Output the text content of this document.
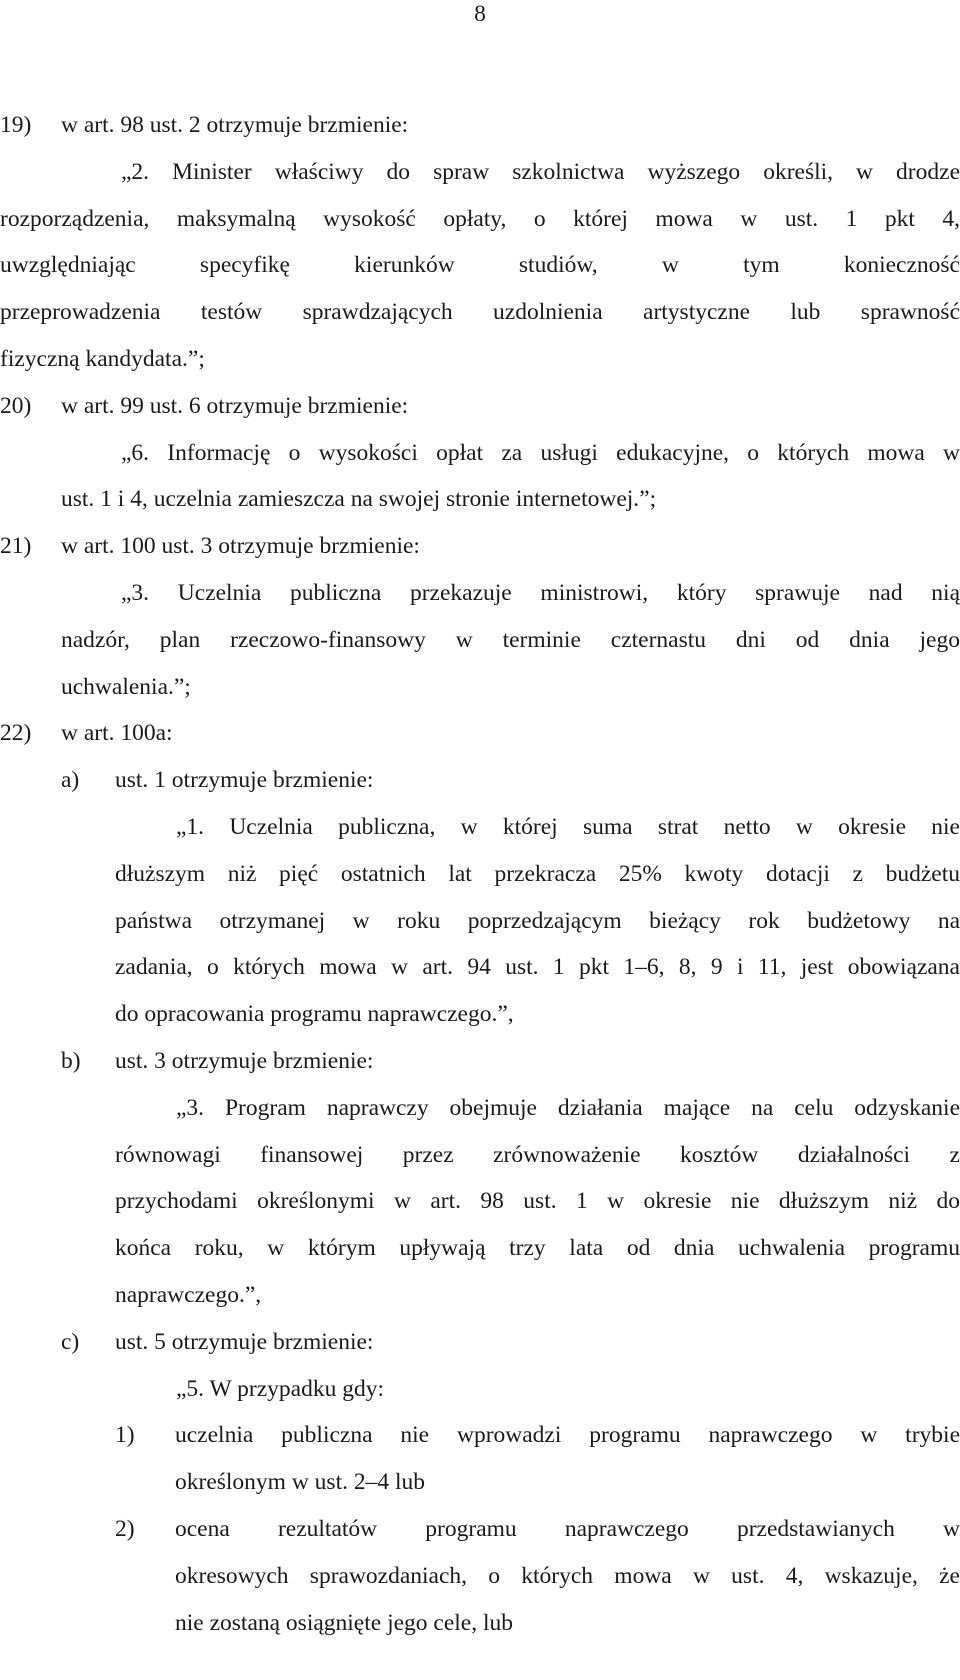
8
19) w art. 98 ust. 2 otrzymuje brzmienie:
„2. Minister właściwy do spraw szkolnictwa wyższego określi, w drodze
rozporządzenia, maksymalną wysokość opłaty, o której mowa w ust. 1 pkt 4,
uwzględniając specyfikę kierunków studiów, w tym konieczność
przeprowadzenia testów sprawdzających uzdolnienia artystyczne lub sprawność
fizyczną kandydata.”;
20) w art. 99 ust. 6 otrzymuje brzmienie:
„6. Informację o wysokości opłat za usługi edukacyjne, o których mowa w
ust. 1 i 4, uczelnia zamieszcza na swojej stronie internetowej.”;
21) w art. 100 ust. 3 otrzymuje brzmienie:
„3. Uczelnia publiczna przekazuje ministrowi, który sprawuje nad nią
nadzór, plan rzeczowo-finansowy w terminie czternastu dni od dnia jego
uchwalenia.”;
22) w art. 100a:
a) ust. 1 otrzymuje brzmienie:
„1. Uczelnia publiczna, w której suma strat netto w okresie nie
dłuższym niż pięć ostatnich lat przekracza 25% kwoty dotacji z budżetu
państwa otrzymanej w roku poprzedzającym bieżący rok budżetowy na
zadania, o których mowa w art. 94 ust. 1 pkt 1–6, 8, 9 i 11, jest obowiązana
do opracowania programu naprawczego.”,
b) ust. 3 otrzymuje brzmienie:
„3. Program naprawczy obejmuje działania mające na celu odzyskanie
równowagi finansowej przez zrównoważenie kosztów działalności z
przychodami określonymi w art. 98 ust. 1 w okresie nie dłuższym niż do
końca roku, w którym upływają trzy lata od dnia uchwalenia programu
naprawczego.”,
c) ust. 5 otrzymuje brzmienie:
„5. W przypadku gdy:
1) uczelnia publiczna nie wprowadzi programu naprawczego w trybie
określonym w ust. 2–4 lub
2) ocena rezultatów programu naprawczego przedstawianych w
okresowych sprawozdaniach, o których mowa w ust. 4, wskazuje, że
nie zostaną osiągnięte jego cele, lub
